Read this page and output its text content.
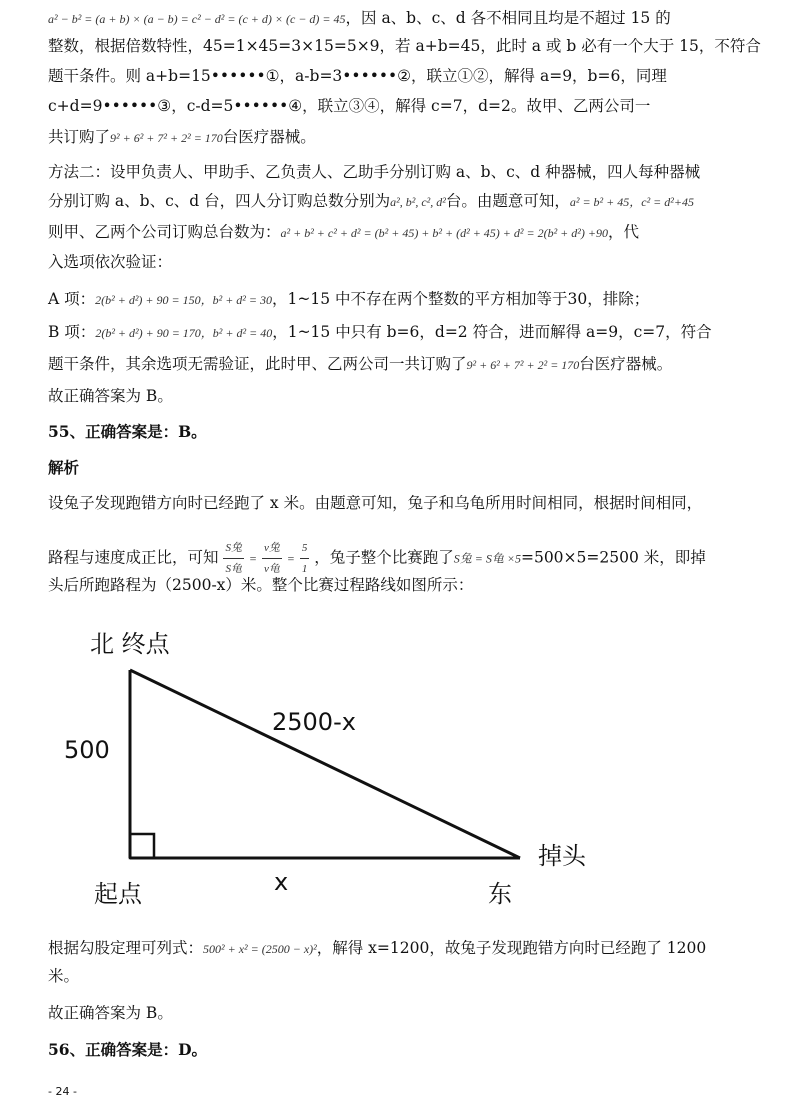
a² − b² = (a + b) × (a − b) = c² − d² = (c + d) × (c − d) = 45，因 a、b、c、d 各不相同且均是不超过 15 的
整数，根据倍数特性，45=1×45=3×15=5×9，若 a+b=45，此时 a 或 b 必有一个大于 15，不符合
题干条件。则 a+b=15••••••①，a-b=3••••••②，联立①②，解得 a=9，b=6，同理
c+d=9••••••③，c-d=5••••••④，联立③④，解得 c=7，d=2。故甲、乙两公司一
共订购了9² + 6² + 7² + 2² = 170台医疗器械。
方法二：设甲负责人、甲助手、乙负责人、乙助手分别订购 a、b、c、d 种器械，四人每种器械
分别订购 a、b、c、d 台，四人分订购总数分别为a², b², c², d²台。由题意可知，a² = b² + 45，c² = d²+45
则甲、乙两个公司订购总台数为：a² + b² + c² + d² = (b² + 45) + b² + (d² + 45) + d² = 2(b² + d²) +90，代
入选项依次验证：
A 项：2(b² + d²) + 90 = 150，b² + d² = 30，1~15 中不存在两个整数的平方相加等于30，排除；
B 项：2(b² + d²) + 90 = 170，b² + d² = 40，1~15 中只有 b=6，d=2 符合，进而解得 a=9，c=7，符合
题干条件，其余选项无需验证，此时甲、乙两公司一共订购了9² + 6² + 7² + 2² = 170台医疗器械。
故正确答案为 B。
55、正确答案是：B。
解析
设兔子发现跑错方向时已经跑了 x 米。由题意可知，兔子和乌龟所用时间相同，根据时间相同，
路程与速度成正比，可知 $\frac{\text{S兔}}{\text{S龟}} = \frac{\text{v兔}}{\text{v龟}} = \frac{5}{1}$ ，兔子整个比赛跑了S兔 = S龟 ×5=500×5=2500 米，即掉
头后所跑路程为（2500-x）米。整个比赛过程路线如图所示：
北 终点
500
2500-x
掉头
起点	x	东
根据勾股定理可列式：500² + x² = (2500 − x)²，解得 x=1200，故兔子发现跑错方向时已经跑了 1200
米。
故正确答案为 B。
56、正确答案是：D。
- 24 -
